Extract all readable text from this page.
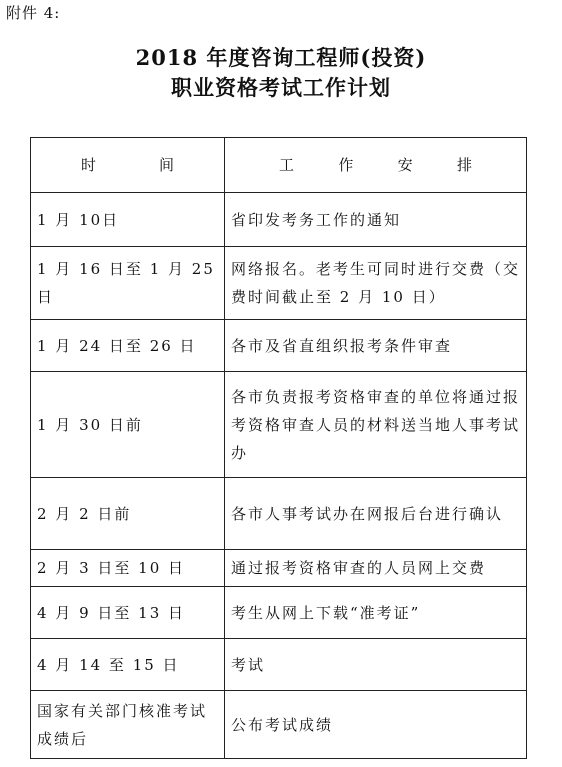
附件 4:
2018 年度咨询工程师(投资)
职业资格考试工作计划
时 间	工 作 安 排

1 月 10日	省印发考务工作的通知
1 月 16 日至 1 月 25 日	网络报名。老考生可同时进行交费（交费时间截止至 2 月 10 日）
1 月 24 日至 26 日	各市及省直组织报考条件审查
1 月 30 日前	各市负责报考资格审查的单位将通过报考资格审查人员的材料送当地人事考试办
2 月 2 日前	各市人事考试办在网报后台进行确认
2 月 3 日至 10 日	通过报考资格审查的人员网上交费
4 月 9 日至 13 日	考生从网上下载“准考证”
4 月 14 至 15 日	考试
国家有关部门核准考试成绩后	公布考试成绩
